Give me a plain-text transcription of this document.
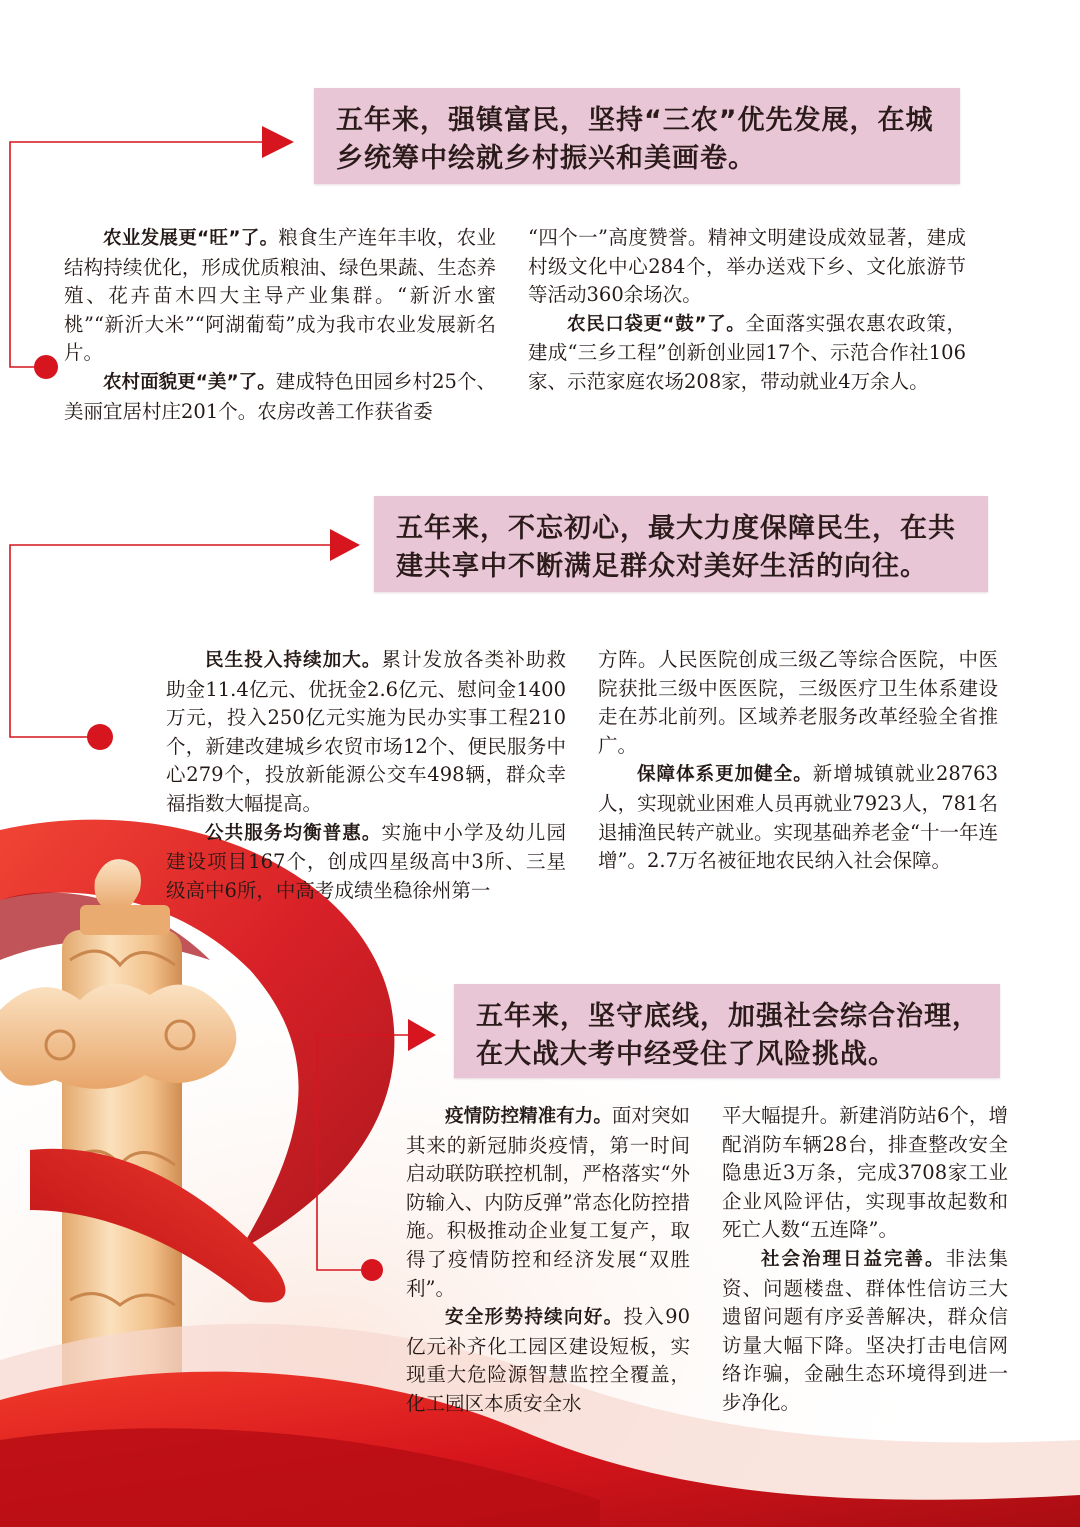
五年来，强镇富民，坚持“三农”优先发展，在城乡统筹中绘就乡村振兴和美画卷。

农业发展更“旺”了。粮食生产连年丰收，农业结构持续优化，形成优质粮油、绿色果蔬、生态养殖、花卉苗木四大主导产业集群。“新沂水蜜桃”“新沂大米”“阿湖葡萄”成为我市农业发展新名片。

农村面貌更“美”了。建成特色田园乡村25个、美丽宜居村庄201个。农房改善工作获省委

“四个一”高度赞誉。精神文明建设成效显著，建成村级文化中心284个，举办送戏下乡、文化旅游节等活动360余场次。

农民口袋更“鼓”了。全面落实强农惠农政策，建成“三乡工程”创新创业园17个、示范合作社106家、示范家庭农场208家，带动就业4万余人。

五年来，不忘初心，最大力度保障民生，在共建共享中不断满足群众对美好生活的向往。

民生投入持续加大。累计发放各类补助救助金11.4亿元、优抚金2.6亿元、慰问金1400万元，投入250亿元实施为民办实事工程210个，新建改建城乡农贸市场12个、便民服务中心279个，投放新能源公交车498辆，群众幸福指数大幅提高。

公共服务均衡普惠。实施中小学及幼儿园建设项目167个，创成四星级高中3所、三星级高中6所，中高考成绩坐稳徐州第一

方阵。人民医院创成三级乙等综合医院，中医院获批三级中医医院，三级医疗卫生体系建设走在苏北前列。区域养老服务改革经验全省推广。

保障体系更加健全。新增城镇就业28763人，实现就业困难人员再就业7923人，781名退捕渔民转产就业。实现基础养老金“十一年连增”。2.7万名被征地农民纳入社会保障。

五年来，坚守底线，加强社会综合治理，在大战大考中经受住了风险挑战。

疫情防控精准有力。面对突如其来的新冠肺炎疫情，第一时间启动联防联控机制，严格落实“外防输入、内防反弹”常态化防控措施。积极推动企业复工复产，取得了疫情防控和经济发展“双胜利”。

安全形势持续向好。投入90亿元补齐化工园区建设短板，实现重大危险源智慧监控全覆盖，化工园区本质安全水

平大幅提升。新建消防站6个，增配消防车辆28台，排查整改安全隐患近3万条，完成3708家工业企业风险评估，实现事故起数和死亡人数“五连降”。

社会治理日益完善。非法集资、问题楼盘、群体性信访三大遗留问题有序妥善解决，群众信访量大幅下降。坚决打击电信网络诈骗，金融生态环境得到进一步净化。
